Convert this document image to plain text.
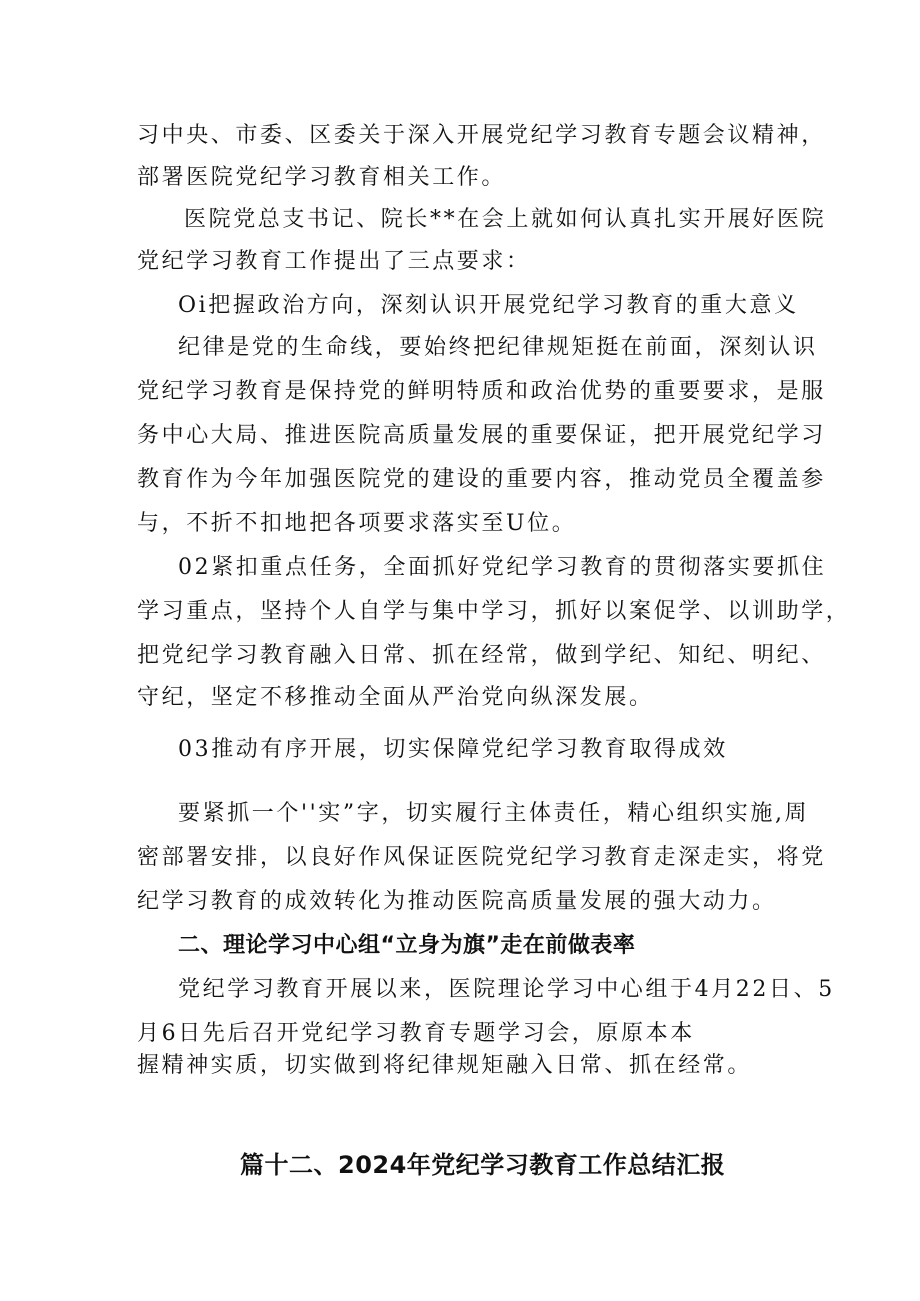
习中央、市委、区委关于深入开展党纪学习教育专题会议精神，
部署医院党纪学习教育相关工作。
医院党总支书记、院长**在会上就如何认真扎实开展好医院
党纪学习教育工作提出了三点要求：
Oi把握政治方向，深刻认识开展党纪学习教育的重大意义
纪律是党的生命线，要始终把纪律规矩挺在前面，深刻认识
党纪学习教育是保持党的鲜明特质和政治优势的重要要求，是服
务中心大局、推进医院高质量发展的重要保证，把开展党纪学习
教育作为今年加强医院党的建设的重要内容，推动党员全覆盖参
与，不折不扣地把各项要求落实至U位。
02紧扣重点任务，全面抓好党纪学习教育的贯彻落实要抓住
学习重点，坚持个人自学与集中学习，抓好以案促学、以训助学，
把党纪学习教育融入日常、抓在经常，做到学纪、知纪、明纪、
守纪，坚定不移推动全面从严治党向纵深发展。
03推动有序开展，切实保障党纪学习教育取得成效
要紧抓一个''实”字，切实履行主体责任，精心组织实施,周
密部署安排，以良好作风保证医院党纪学习教育走深走实，将党
纪学习教育的成效转化为推动医院高质量发展的强大动力。
二、理论学习中心组“立身为旗”走在前做表率
党纪学习教育开展以来，医院理论学习中心组于4月22日、5
月6日先后召开党纪学习教育专题学习会，原原本本
握精神实质，切实做到将纪律规矩融入日常、抓在经常。
篇十二、2024年党纪学习教育工作总结汇报
